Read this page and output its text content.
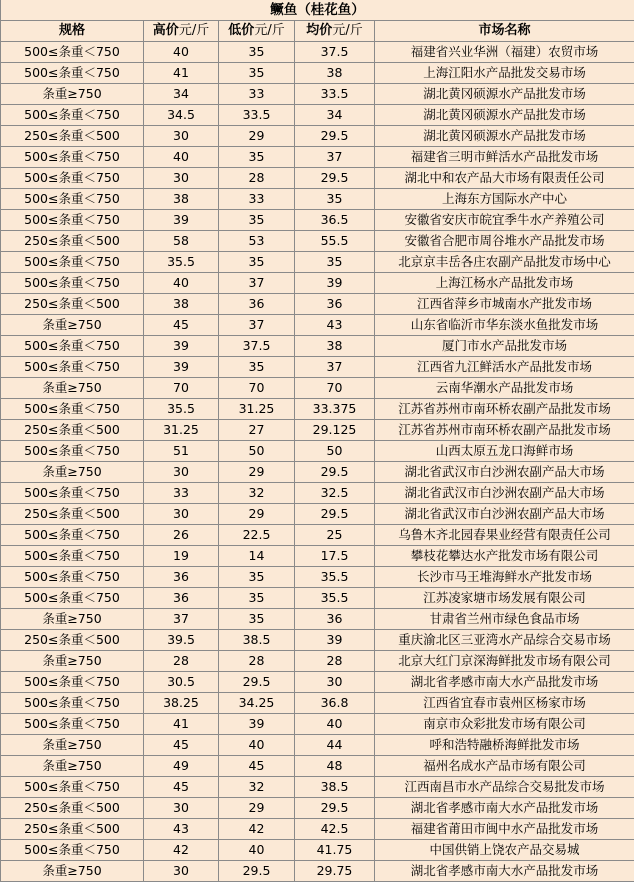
鳜鱼（桂花鱼）				
规格	高价元/斤	低价元/斤	均价元/斤	市场名称
500≤条重＜750	40	35	37.5	福建省兴业华洲（福建）农贸市场
500≤条重＜750	41	35	38	上海江阳水产品批发交易市场
条重≥750	34	33	33.5	湖北黄冈硕源水产品批发市场
500≤条重＜750	34.5	33.5	34	湖北黄冈硕源水产品批发市场
250≤条重＜500	30	29	29.5	湖北黄冈硕源水产品批发市场
500≤条重＜750	40	35	37	福建省三明市鲜活水产品批发市场
500≤条重＜750	30	28	29.5	湖北中和农产品大市场有限责任公司
500≤条重＜750	38	33	35	上海东方国际水产中心
500≤条重＜750	39	35	36.5	安徽省安庆市皖宜季牛水产养殖公司
250≤条重＜500	58	53	55.5	安徽省合肥市周谷堆水产品批发市场
500≤条重＜750	35.5	35	35	北京京丰岳各庄农副产品批发市场中心
500≤条重＜750	40	37	39	上海江杨水产品批发市场
250≤条重＜500	38	36	36	江西省萍乡市城南水产批发市场
条重≥750	45	37	43	山东省临沂市华东淡水鱼批发市场
500≤条重＜750	39	37.5	38	厦门市水产品批发市场
500≤条重＜750	39	35	37	江西省九江鲜活水产品批发市场
条重≥750	70	70	70	云南华潮水产品批发市场
500≤条重＜750	35.5	31.25	33.375	江苏省苏州市南环桥农副产品批发市场
250≤条重＜500	31.25	27	29.125	江苏省苏州市南环桥农副产品批发市场
500≤条重＜750	51	50	50	山西太原五龙口海鲜市场
条重≥750	30	29	29.5	湖北省武汉市白沙洲农副产品大市场
500≤条重＜750	33	32	32.5	湖北省武汉市白沙洲农副产品大市场
250≤条重＜500	30	29	29.5	湖北省武汉市白沙洲农副产品大市场
500≤条重＜750	26	22.5	25	乌鲁木齐北园春果业经营有限责任公司
500≤条重＜750	19	14	17.5	攀枝花攀达水产批发市场有限公司
500≤条重＜750	36	35	35.5	长沙市马王堆海鲜水产批发市场
500≤条重＜750	36	35	35.5	江苏凌家塘市场发展有限公司
条重≥750	37	35	36	甘肃省兰州市绿色食品市场
250≤条重＜500	39.5	38.5	39	重庆渝北区三亚湾水产品综合交易市场
条重≥750	28	28	28	北京大红门京深海鲜批发市场有限公司
500≤条重＜750	30.5	29.5	30	湖北省孝感市南大水产品批发市场
500≤条重＜750	38.25	34.25	36.8	江西省宜春市袁州区杨家市场
500≤条重＜750	41	39	40	南京市众彩批发市场有限公司
条重≥750	45	40	44	呼和浩特融桥海鲜批发市场
条重≥750	49	45	48	福州名成水产品市场有限公司
500≤条重＜750	45	32	38.5	江西南昌市水产品综合交易批发市场
250≤条重＜500	30	29	29.5	湖北省孝感市南大水产品批发市场
250≤条重＜500	43	42	42.5	福建省莆田市闽中水产品批发市场
500≤条重＜750	42	40	41.75	中国供销上饶农产品交易城
条重≥750	30	29.5	29.75	湖北省孝感市南大水产品批发市场
